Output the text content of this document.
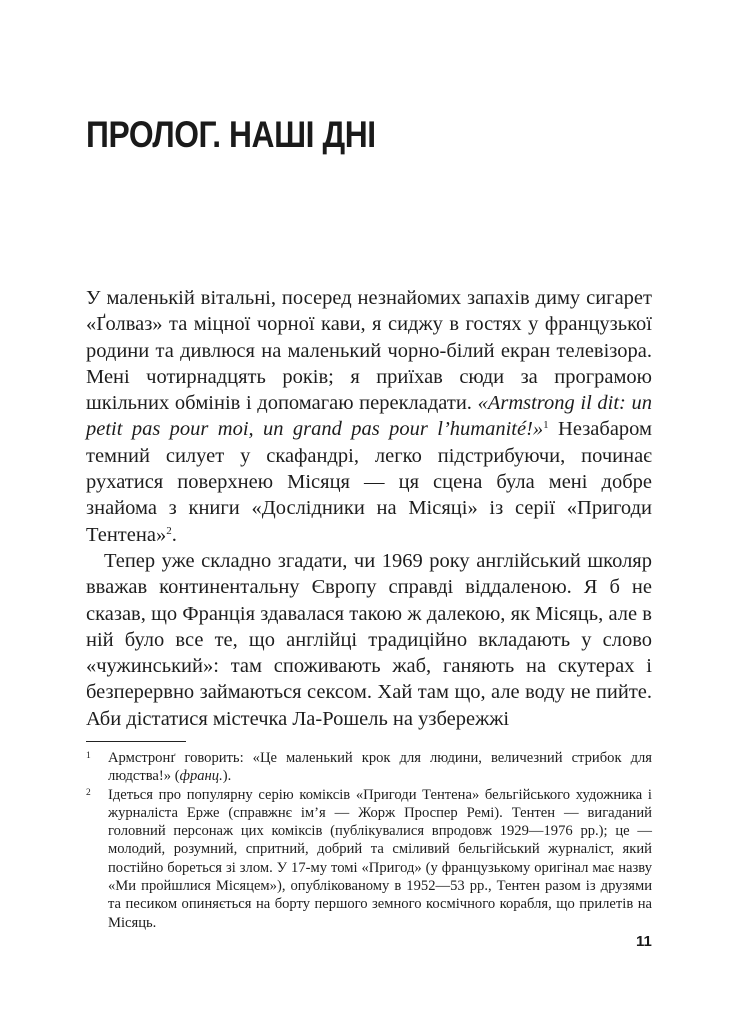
ПРОЛОГ. НАШІ ДНІ

У маленькій вітальні, посеред незнайомих запахів диму сигарет «Ґолваз» та міцної чорної кави, я сиджу в гостях у французької родини та дивлюся на маленький чорно-білий екран телевізора. Мені чотирнадцять років; я приїхав сюди за програмою шкільних обмінів і допомагаю перекладати. «Armstrong il dit: un petit pas pour moi, un grand pas pour l’humanité!»$^1$ Незабаром темний силует у скафандрі, легко підстрибуючи, починає рухатися поверхнею Місяця — ця сцена була мені добре знайома з книги «Дослідники на Місяці» із серії «Пригоди Тентена»$^2$.

Тепер уже складно згадати, чи 1969 року англійський школяр вважав континентальну Європу справді віддаленою. Я б не сказав, що Франція здавалася такою ж далекою, як Місяць, але в ній було все те, що англійці традиційно вкладають у слово «чужинський»: там споживають жаб, ганяють на скутерах і безперервно займаються сексом. Хай там що, але воду не пийте. Аби дістатися містечка Ла-Рошель на узбережжі

1 Армстронґ говорить: «Це маленький крок для людини, величезний стрибок для людства!» (франц.).
2 Ідеться про популярну серію коміксів «Пригоди Тентена» бельгійського художника і журналіста Ерже (справжнє ім’я — Жорж Проспер Ремі). Тентен — вигаданий головний персонаж цих коміксів (публікувалися впродовж 1929—1976 рр.); це — молодий, розумний, спритний, добрий та сміливий бельгійський журналіст, який постійно бореться зі злом. У 17-му томі «Пригод» (у французькому оригінал має назву «Ми пройшлися Місяцем»), опублікованому в 1952—53 рр., Тентен разом із друзями та песиком опиняється на борту першого земного космічного корабля, що прилетів на Місяць.
11
